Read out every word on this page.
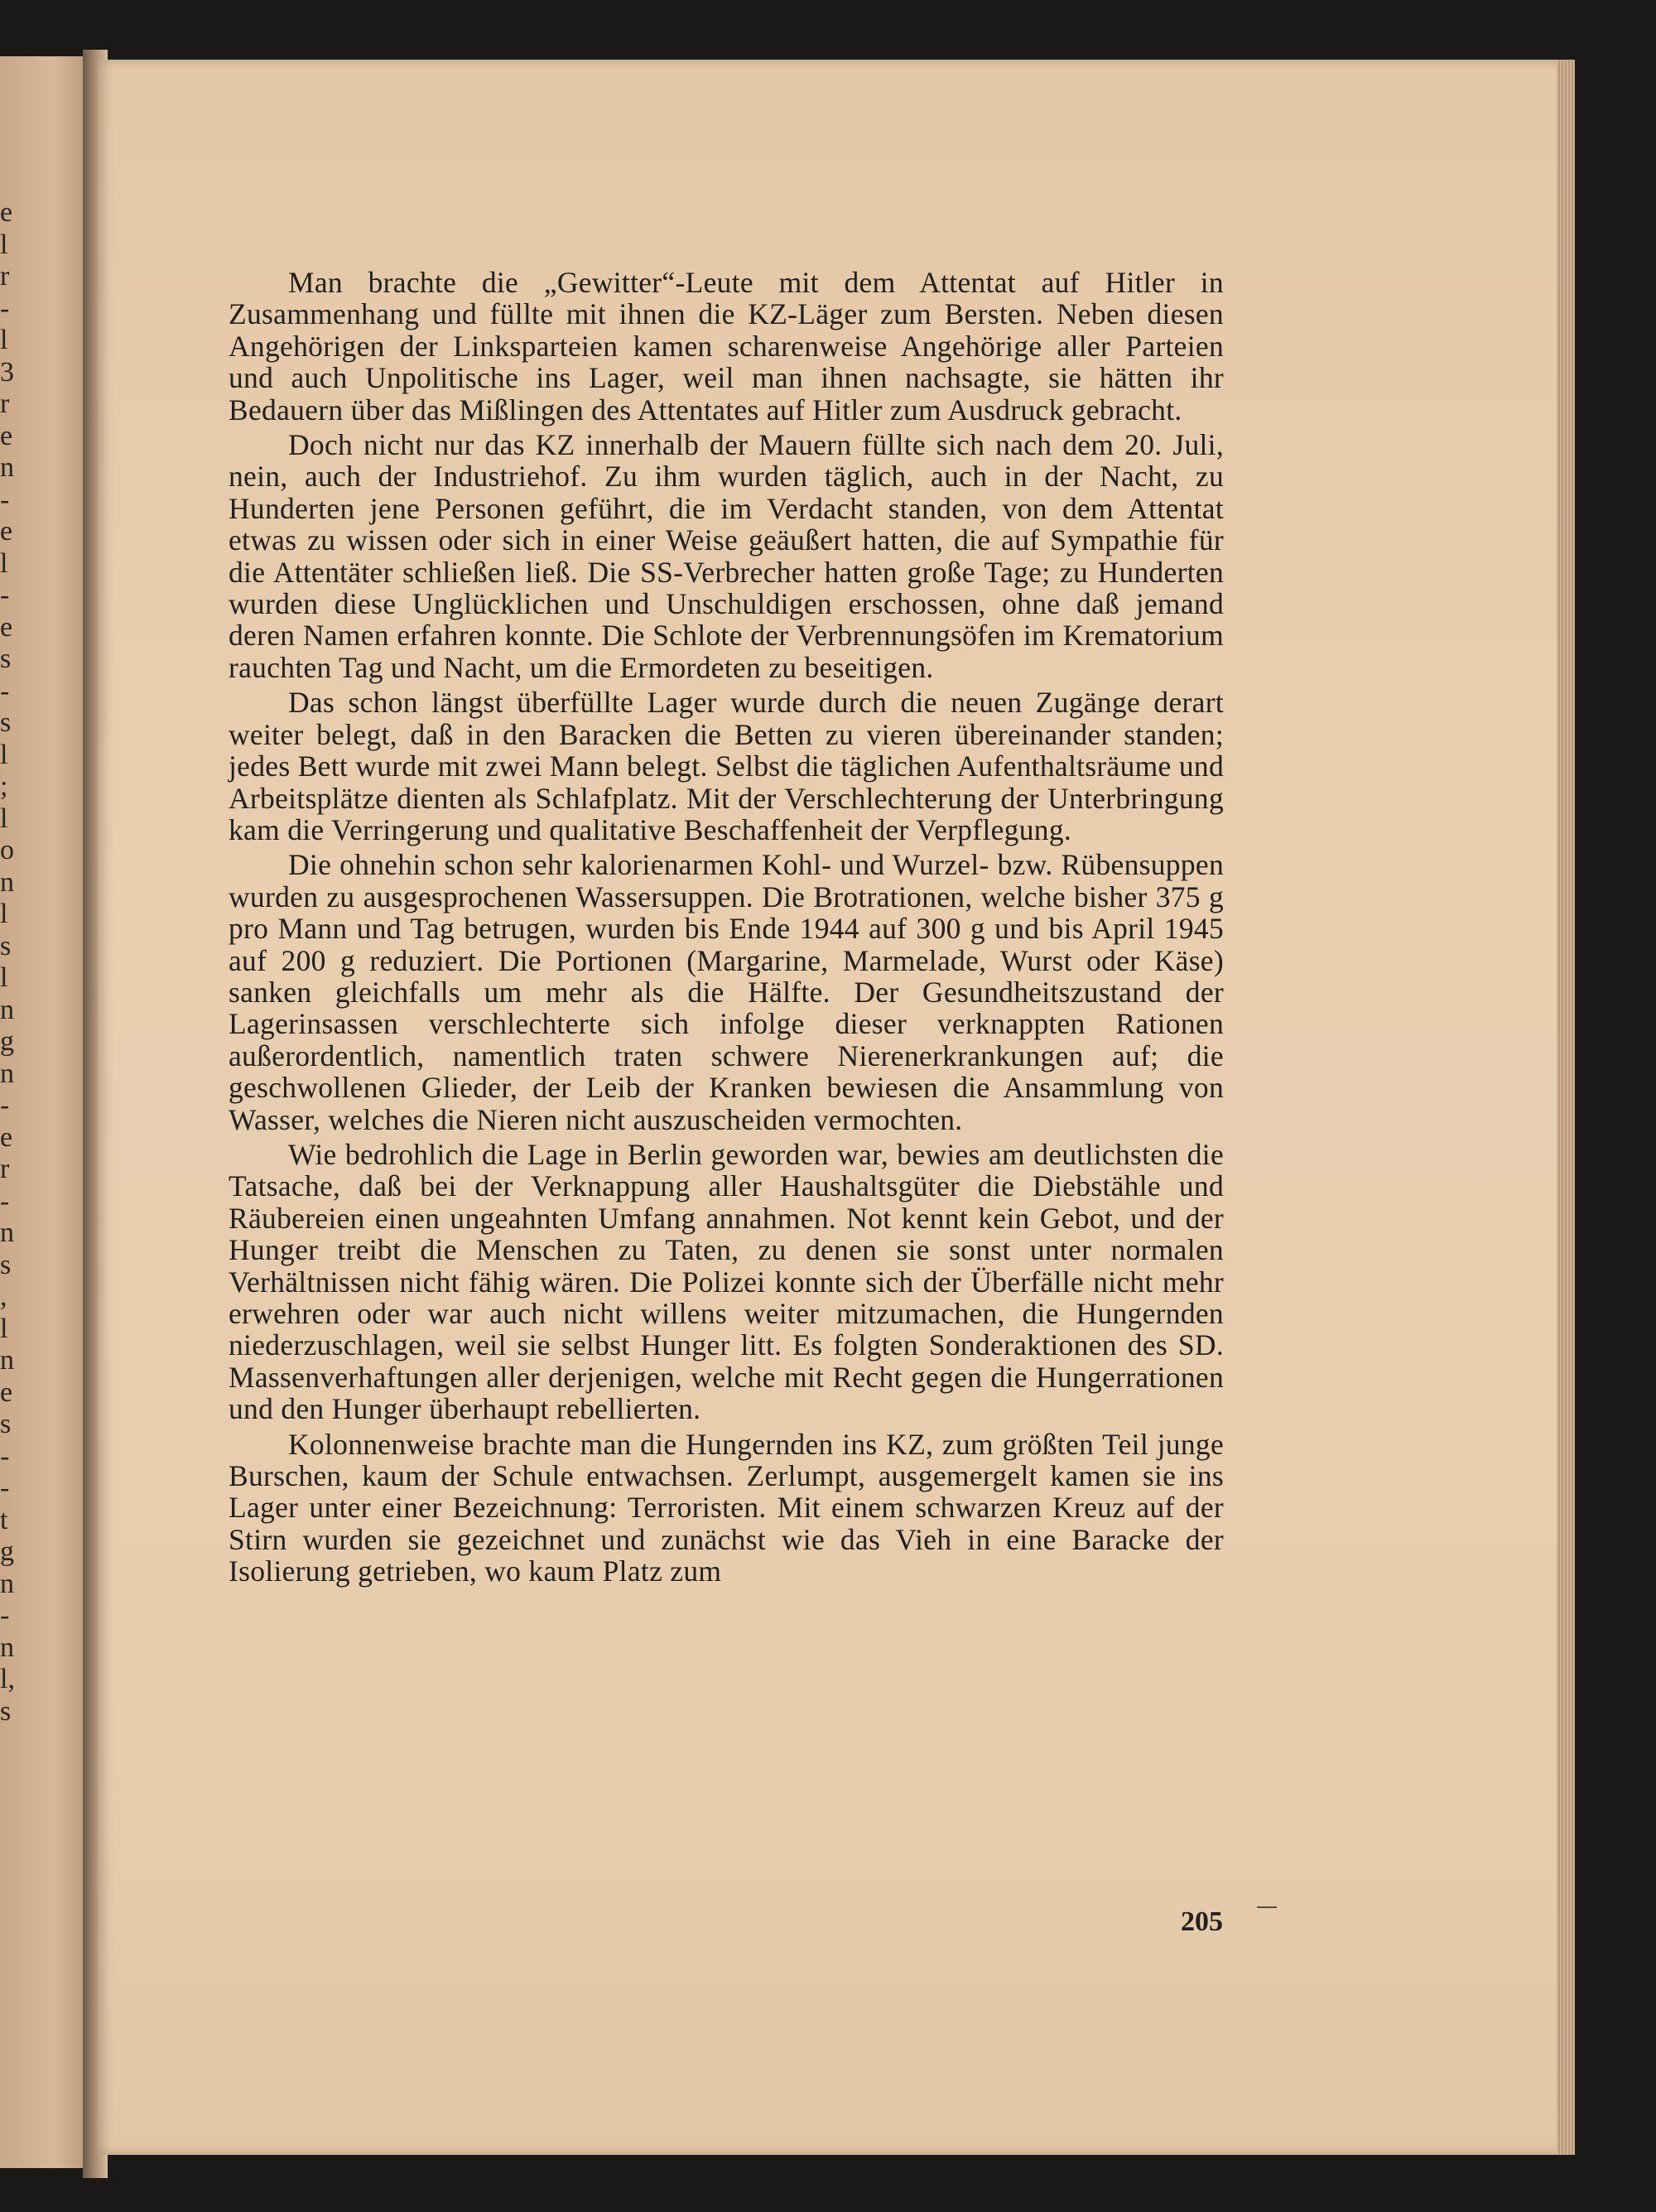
e
l
r
-
l
3
r
e
n
-
e
l
-
e
s
-
s
l
;
l
o
n
l
s
l
n
g
n
-
e
r
-
n
s
,
l
n
e
s
-
-
t
g
n
-
n
l,
s

Man brachte die „Gewitter“-Leute mit dem Attentat auf Hitler in Zusammenhang und füllte mit ihnen die KZ-Läger zum Bersten. Neben diesen Angehörigen der Linksparteien kamen scharenweise Angehörige aller Parteien und auch Unpolitische ins Lager, weil man ihnen nachsagte, sie hätten ihr Bedauern über das Mißlingen des Attentates auf Hitler zum Ausdruck gebracht.

Doch nicht nur das KZ innerhalb der Mauern füllte sich nach dem 20. Juli, nein, auch der Industriehof. Zu ihm wurden täglich, auch in der Nacht, zu Hunderten jene Personen geführt, die im Verdacht standen, von dem Attentat etwas zu wissen oder sich in einer Weise geäußert hatten, die auf Sympathie für die Attentäter schließen ließ. Die SS-Verbrecher hatten große Tage; zu Hunderten wurden diese Unglücklichen und Unschuldigen erschossen, ohne daß jemand deren Namen erfahren konnte. Die Schlote der Verbrennungsöfen im Krematorium rauchten Tag und Nacht, um die Ermordeten zu beseitigen.

Das schon längst überfüllte Lager wurde durch die neuen Zugänge derart weiter belegt, daß in den Baracken die Betten zu vieren übereinander standen; jedes Bett wurde mit zwei Mann belegt. Selbst die täglichen Aufenthaltsräume und Arbeitsplätze dienten als Schlafplatz. Mit der Verschlechterung der Unterbringung kam die Verringerung und qualitative Beschaffenheit der Verpflegung.

Die ohnehin schon sehr kalorienarmen Kohl- und Wurzel- bzw. Rübensuppen wurden zu ausgesprochenen Wassersuppen. Die Brotrationen, welche bisher 375 g pro Mann und Tag betrugen, wurden bis Ende 1944 auf 300 g und bis April 1945 auf 200 g reduziert. Die Portionen (Margarine, Marmelade, Wurst oder Käse) sanken gleichfalls um mehr als die Hälfte. Der Gesundheitszustand der Lagerinsassen verschlechterte sich infolge dieser verknappten Rationen außerordentlich, namentlich traten schwere Nierenerkrankungen auf; die geschwollenen Glieder, der Leib der Kranken bewiesen die Ansammlung von Wasser, welches die Nieren nicht auszuscheiden vermochten.

Wie bedrohlich die Lage in Berlin geworden war, bewies am deutlichsten die Tatsache, daß bei der Verknappung aller Haushaltsgüter die Diebstähle und Räubereien einen ungeahnten Umfang annahmen. Not kennt kein Gebot, und der Hunger treibt die Menschen zu Taten, zu denen sie sonst unter normalen Verhältnissen nicht fähig wären. Die Polizei konnte sich der Überfälle nicht mehr erwehren oder war auch nicht willens weiter mitzumachen, die Hungernden niederzuschlagen, weil sie selbst Hunger litt. Es folgten Sonderaktionen des SD. Massenverhaftungen aller derjenigen, welche mit Recht gegen die Hungerrationen und den Hunger überhaupt rebellierten.

Kolonnenweise brachte man die Hungernden ins KZ, zum größten Teil junge Burschen, kaum der Schule entwachsen. Zerlumpt, ausgemergelt kamen sie ins Lager unter einer Bezeichnung: Terroristen. Mit einem schwarzen Kreuz auf der Stirn wurden sie gezeichnet und zunächst wie das Vieh in eine Baracke der Isolierung getrieben, wo kaum Platz zum

205
